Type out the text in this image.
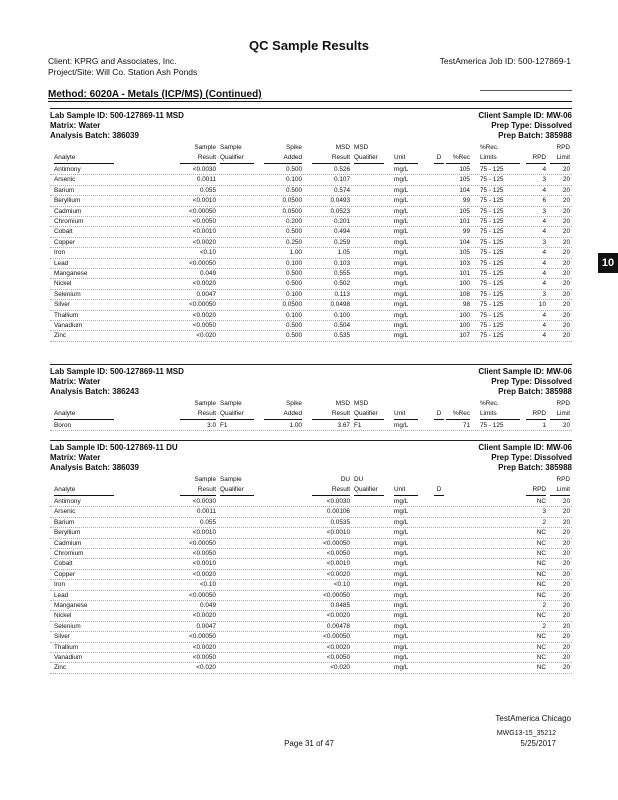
QC Sample Results
Client: KPRG and Associates, Inc.
Project/Site: Will Co. Station Ash Ponds
TestAmerica Job ID: 500-127869-1
Method: 6020A - Metals (ICP/MS) (Continued)
10
Lab Sample ID: 500-127869-11 MSD
Matrix: Water
Analysis Batch: 386039
Client Sample ID: MW-06
Prep Type: Dissolved
Prep Batch: 385988
Sample Sample	Spike	MSD MSD	%Rec.	RPD
Analyte	Result Qualifier	Added	Result Qualifier	Unit	D	%Rec Limits	RPD	Limit
Antimony	<0.0030	0.500	0.526	mg/L	105 75 - 125	4	20
Arsenic	0.0011	0.100	0.107	mg/L	105 75 - 125	3	20
Barium	0.055	0.500	0.574	mg/L	104 75 - 125	4	20
Beryllium	<0.0010	0.0500	0.0493	mg/L	99 75 - 125	6	20
Cadmium	<0.00050	0.0500	0.0523	mg/L	105 75 - 125	3	20
Chromium	<0.0050	0.200	0.201	mg/L	101 75 - 125	4	20
Cobalt	<0.0010	0.500	0.494	mg/L	99 75 - 125	4	20
Copper	<0.0020	0.250	0.259	mg/L	104 75 - 125	3	20
Iron	<0.10	1.00	1.05	mg/L	105 75 - 125	4	20
Lead	<0.00050	0.100	0.103	mg/L	103 75 - 125	4	20
Manganese	0.049	0.500	0.555	mg/L	101 75 - 125	4	20
Nickel	<0.0020	0.500	0.502	mg/L	100 75 - 125	4	20
Selenium	0.0047	0.100	0.113	mg/L	108 75 - 125	3	20
Silver	<0.00050	0.0500	0.0498	mg/L	98 75 - 125	10	20
Thallium	<0.0020	0.100	0.100	mg/L	100 75 - 125	4	20
Vanadium	<0.0050	0.500	0.504	mg/L	100 75 - 125	4	20
Zinc	<0.020	0.500	0.535	mg/L	107 75 - 125	4	20
Lab Sample ID: 500-127869-11 MSD
Matrix: Water
Analysis Batch: 386243
Client Sample ID: MW-06
Prep Type: Dissolved
Prep Batch: 385988
Sample Sample	Spike	MSD MSD	%Rec.	RPD
Analyte	Result Qualifier	Added	Result Qualifier	Unit	D	%Rec Limits	RPD	Limit
Boron	3.0 F1	1.00	3.67 F1	mg/L	71 75 - 125	1	20
Lab Sample ID: 500-127869-11 DU
Matrix: Water
Analysis Batch: 386039
Client Sample ID: MW-06
Prep Type: Dissolved
Prep Batch: 385988
Sample Sample	DU DU	RPD
Analyte	Result Qualifier	Result Qualifier	Unit	D	RPD	Limit
Antimony	<0.0030	<0.0030	mg/L	NC	20
Arsenic	0.0011	0.00106	mg/L	3	20
Barium	0.055	0.0535	mg/L	2	20
Beryllium	<0.0010	<0.0010	mg/L	NC	20
Cadmium	<0.00050	<0.00050	mg/L	NC	20
Chromium	<0.0050	<0.0050	mg/L	NC	20
Cobalt	<0.0010	<0.0010	mg/L	NC	20
Copper	<0.0020	<0.0020	mg/L	NC	20
Iron	<0.10	<0.10	mg/L	NC	20
Lead	<0.00050	<0.00050	mg/L	NC	20
Manganese	0.049	0.0485	mg/L	2	20
Nickel	<0.0020	<0.0020	mg/L	NC	20
Selenium	0.0047	0.00478	mg/L	2	20
Silver	<0.00050	<0.00050	mg/L	NC	20
Thallium	<0.0020	<0.0020	mg/L	NC	20
Vanadium	<0.0050	<0.0050	mg/L	NC	20
Zinc	<0.020	<0.020	mg/L	NC	20
TestAmerica Chicago
Page 31 of 47
MWG13-15_35212
5/25/2017
